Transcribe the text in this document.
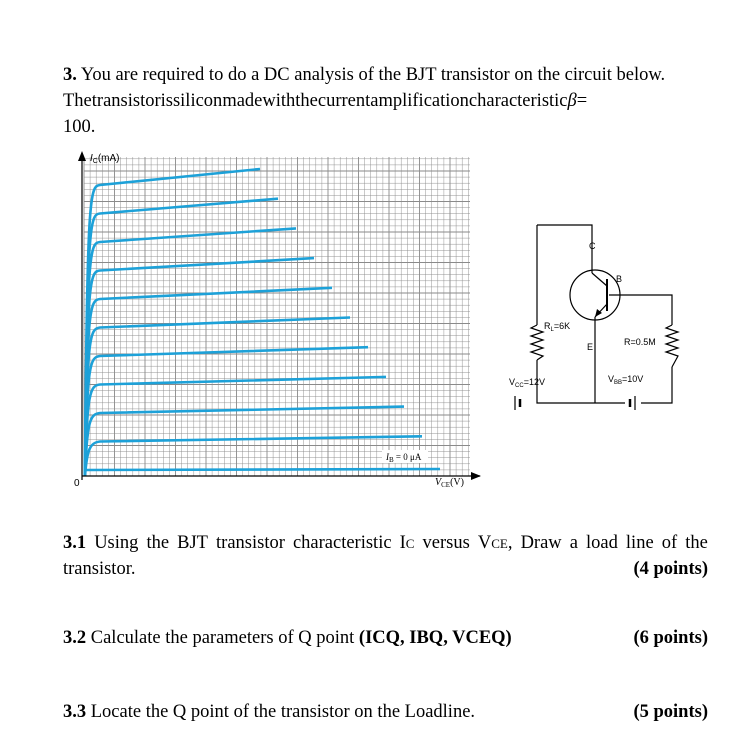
3. You are required to do a DC analysis of the BJT transistor on the circuit below.
Thetransistorissiliconmadewiththecurrentamplificationcharacteristicβ=
100.
$I_C(mA)$
$V_{CE}(V)$
0
$I_B = 0$ μA
C
B
E
$R_L=6K$
R=0.5M
$V_{CC}=12V$	$V_{BB}=10V$
3.1 Using the BJT transistor characteristic IC versus VCE, Draw a load line of the
transistor.	(4 points)
3.2 Calculate the parameters of Q point (ICQ, IBQ, VCEQ)	(6 points)
3.3 Locate the Q point of the transistor on the Loadline.	(5 points)
